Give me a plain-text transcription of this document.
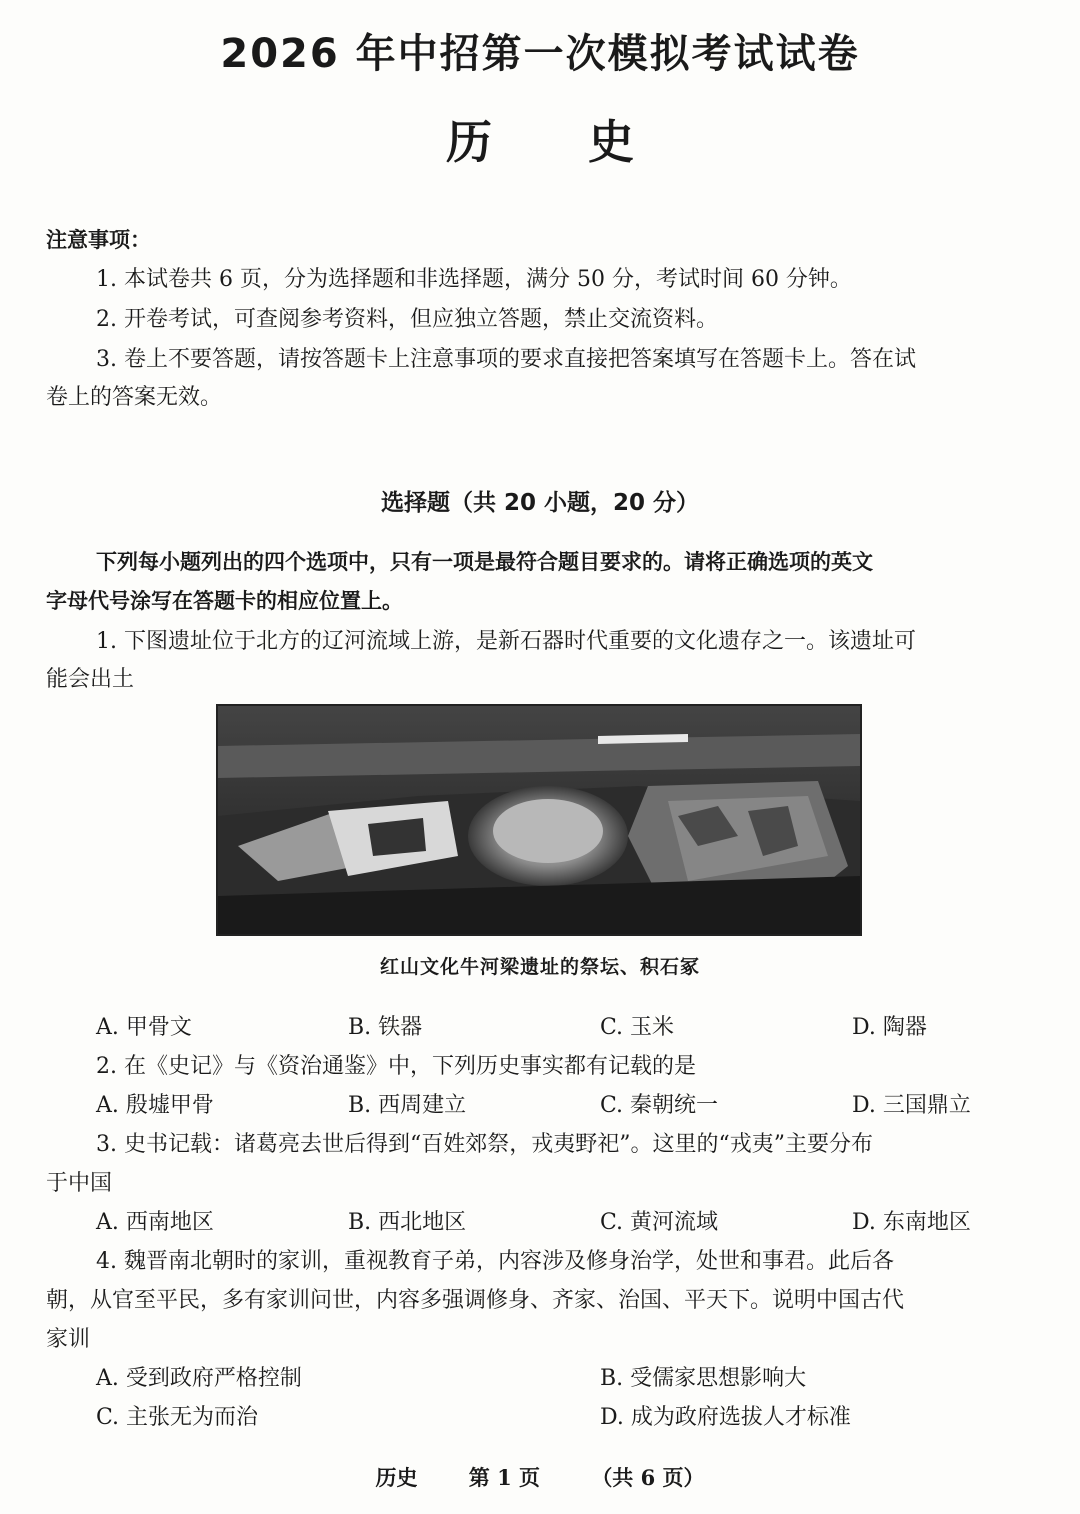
2026 年中招第一次模拟考试试卷
历史
注意事项：
1. 本试卷共 6 页，分为选择题和非选择题，满分 50 分，考试时间 60 分钟。
2. 开卷考试，可查阅参考资料，但应独立答题，禁止交流资料。
3. 卷上不要答题，请按答题卡上注意事项的要求直接把答案填写在答题卡上。答在试
卷上的答案无效。
选择题（共 20 小题，20 分）
下列每小题列出的四个选项中，只有一项是最符合题目要求的。请将正确选项的英文
字母代号涂写在答题卡的相应位置上。
1. 下图遗址位于北方的辽河流域上游，是新石器时代重要的文化遗存之一。该遗址可
能会出土
红山文化牛河梁遗址的祭坛、积石冢
A. 甲骨文	B. 铁器	C. 玉米	D. 陶器
2. 在《史记》与《资治通鉴》中，下列历史事实都有记载的是
A. 殷墟甲骨	B. 西周建立	C. 秦朝统一	D. 三国鼎立
3. 史书记载：诸葛亮去世后得到“百姓郊祭，戎夷野祀”。这里的“戎夷”主要分布
于中国
A. 西南地区	B. 西北地区	C. 黄河流域	D. 东南地区
4. 魏晋南北朝时的家训，重视教育子弟，内容涉及修身治学，处世和事君。此后各
朝，从官至平民，多有家训问世，内容多强调修身、齐家、治国、平天下。说明中国古代
家训
A. 受到政府严格控制	B. 受儒家思想影响大
C. 主张无为而治	D. 成为政府选拔人才标准
历史 第 1 页 （共 6 页）
